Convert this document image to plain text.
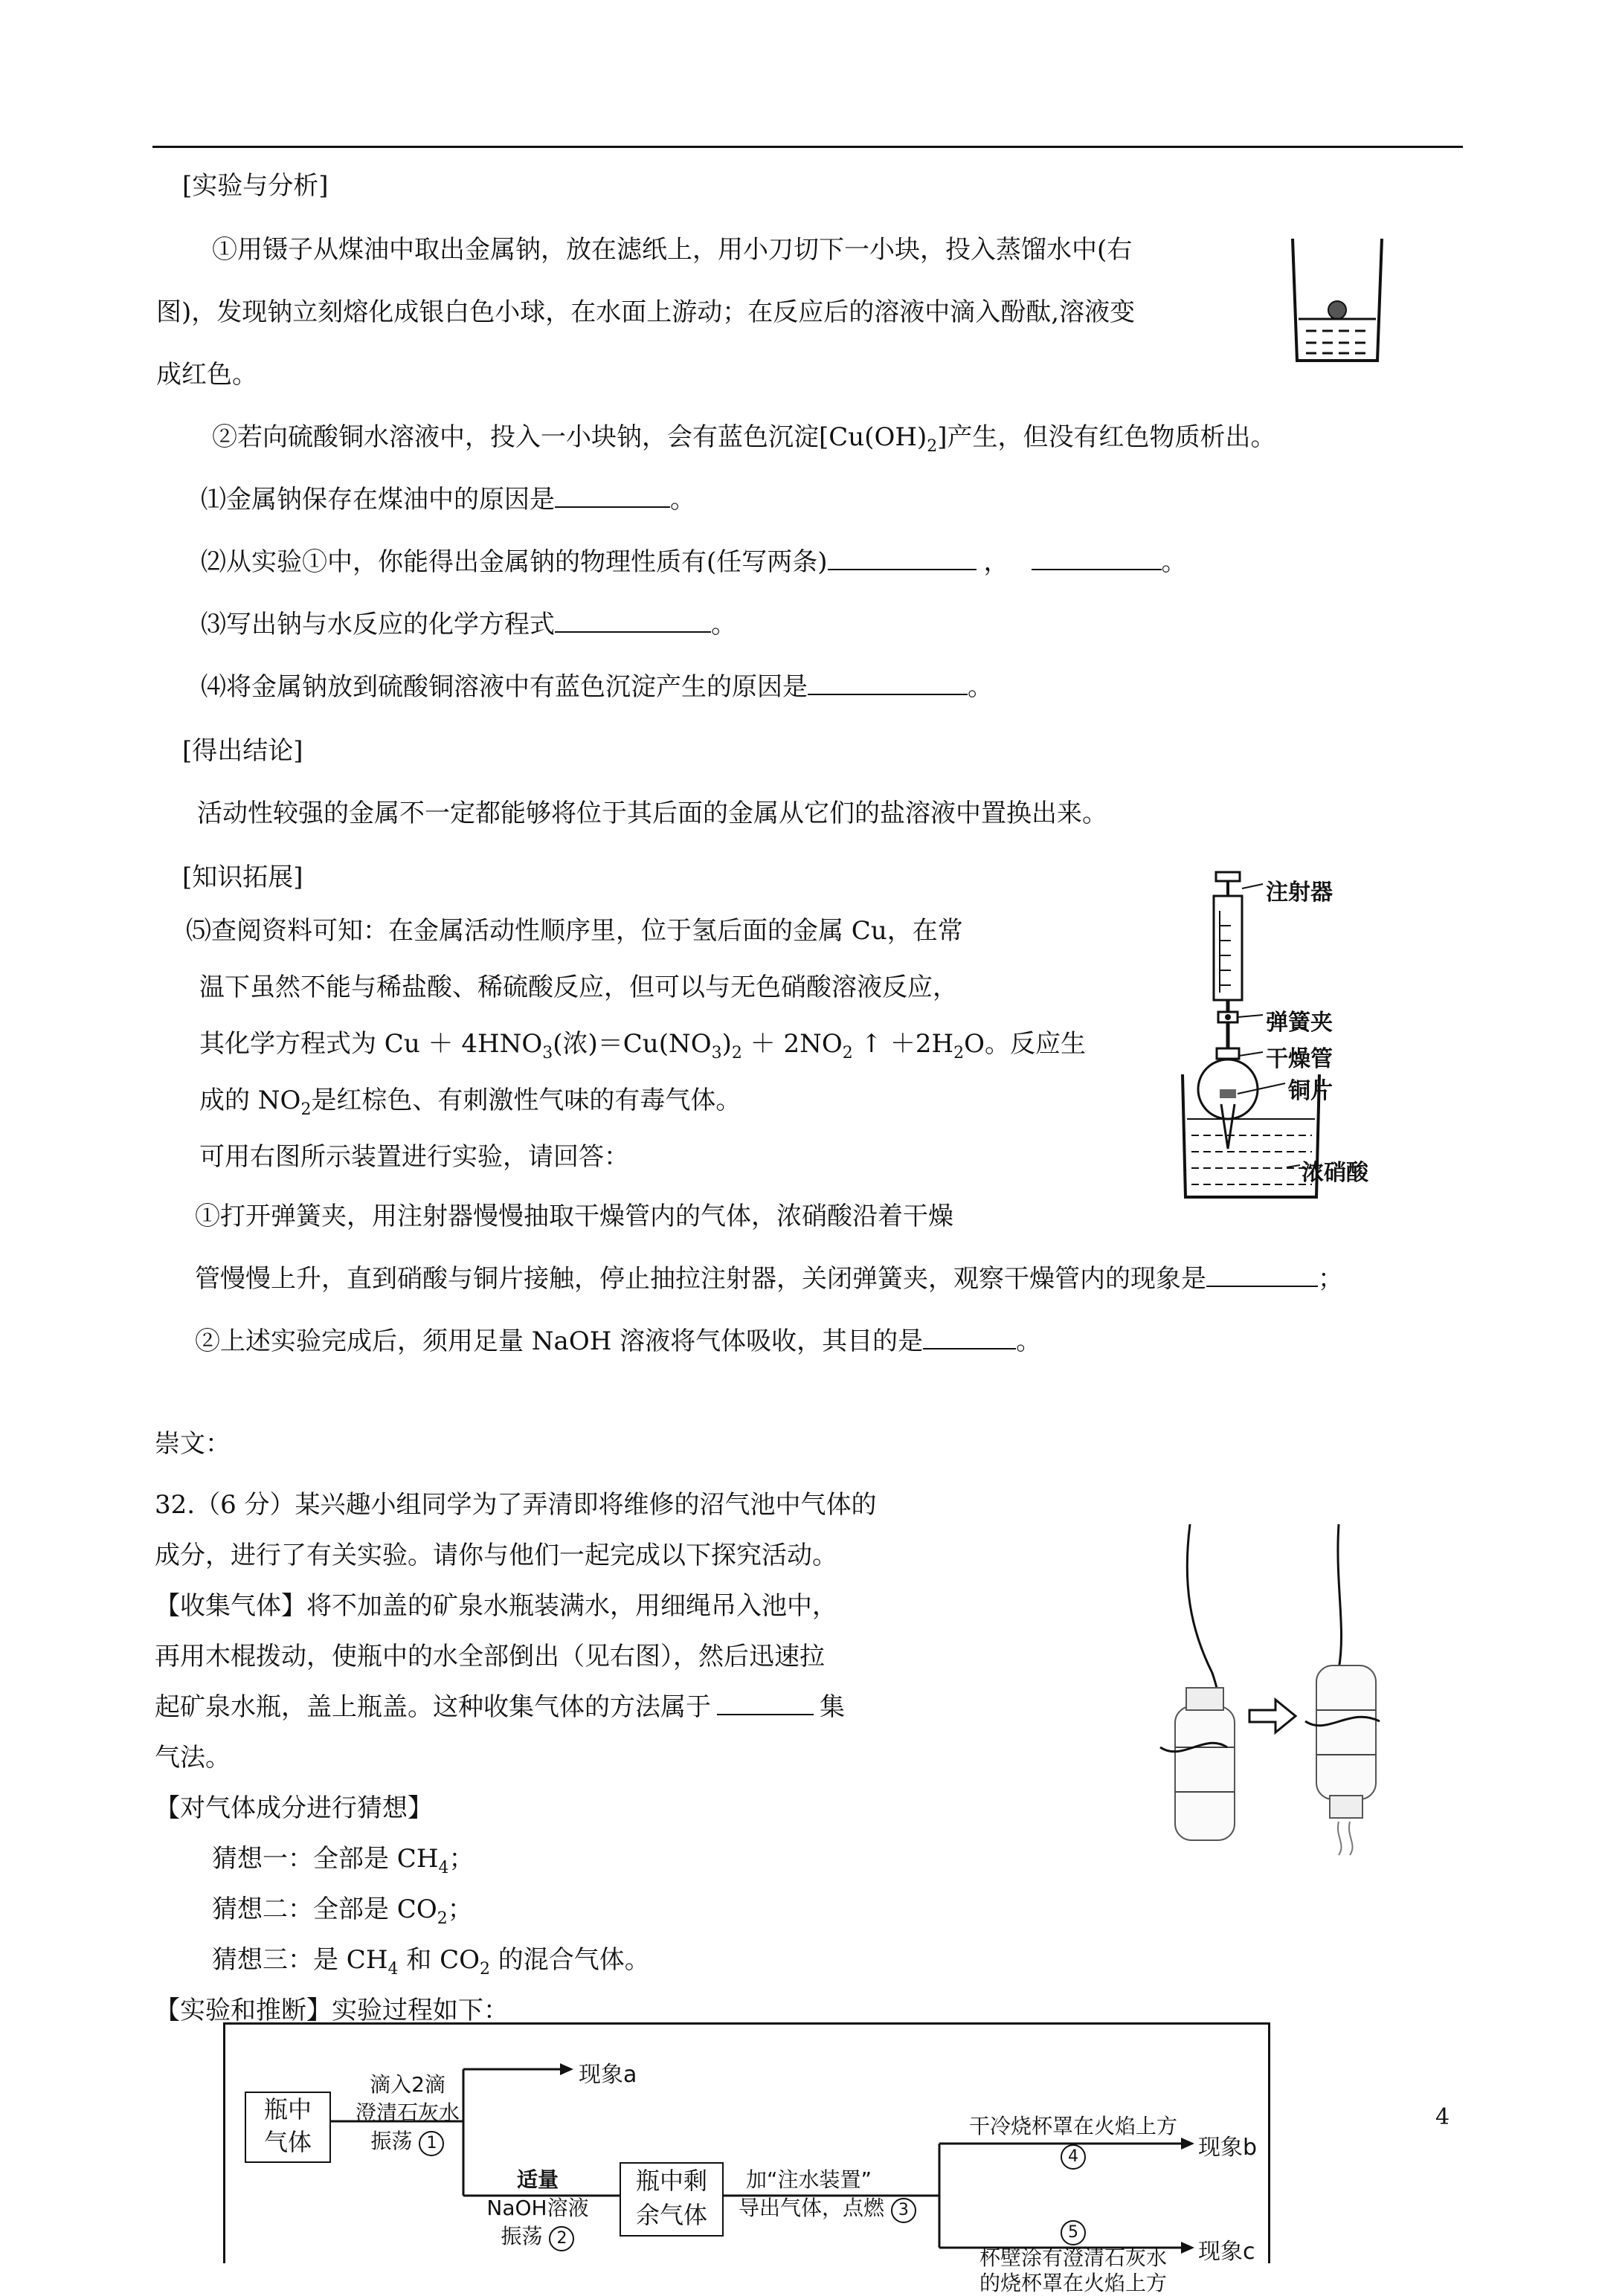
[实验与分析]
①用镊子从煤油中取出金属钠，放在滤纸上，用小刀切下一小块，投入蒸馏水中(右
图)，发现钠立刻熔化成银白色小球，在水面上游动；在反应后的溶液中滴入酚酞,溶液变
成红色。
②若向硫酸铜水溶液中，投入一小块钠，会有蓝色沉淀$[Cu(OH)_2]$产生，但没有红色物质析出。
⑴金属钠保存在煤油中的原因是	。
⑵从实验①中，你能得出金属钠的物理性质有(任写两条)	，	。
⑶写出钠与水反应的化学方程式	。
⑷将金属钠放到硫酸铜溶液中有蓝色沉淀产生的原因是	。
[得出结论]
活动性较强的金属不一定都能够将位于其后面的金属从它们的盐溶液中置换出来。
[知识拓展]
⑸查阅资料可知：在金属活动性顺序里，位于氢后面的金属 Cu，在常
温下虽然不能与稀盐酸、稀硫酸反应，但可以与无色硝酸溶液反应，
其化学方程式为 $Cu + 4HNO_3$(浓)$=Cu(NO_3)_2 + 2NO_2$ ↑ $+2H_2O$。反应生
成的 $NO_2$是红棕色、有刺激性气味的有毒气体。
可用右图所示装置进行实验，请回答：
①打开弹簧夹，用注射器慢慢抽取干燥管内的气体，浓硝酸沿着干燥
管慢慢上升，直到硝酸与铜片接触，停止抽拉注射器，关闭弹簧夹，观察干燥管内的现象是	；
②上述实验完成后，须用足量 NaOH 溶液将气体吸收，其目的是	。
注射器
弹簧夹
干燥管
铜片
浓硝酸
崇文：
32.（6 分）某兴趣小组同学为了弄清即将维修的沼气池中气体的
成分，进行了有关实验。请你与他们一起完成以下探究活动。
【收集气体】将不加盖的矿泉水瓶装满水，用细绳吊入池中，
再用木棍拨动，使瓶中的水全部倒出（见右图），然后迅速拉
起矿泉水瓶，盖上瓶盖。这种收集气体的方法属于	集
气法。
【对气体成分进行猜想】
猜想一：全部是 $CH_4$；
猜想二：全部是 $CO_2$；
猜想三：是 $CH_4$ 和 $CO_2$ 的混合气体。
【实验和推断】实验过程如下：
瓶中
气体
滴入2滴
澄清石灰水
振荡 1
现象a
适量
NaOH溶液
振荡 2
瓶中剩
余气体
加“注水装置”
导出气体，点燃 3
干冷烧杯罩在火焰上方
4	现象b
5
杯壁涂有澄清石灰水
的烧杯罩在火焰上方
现象c
4
